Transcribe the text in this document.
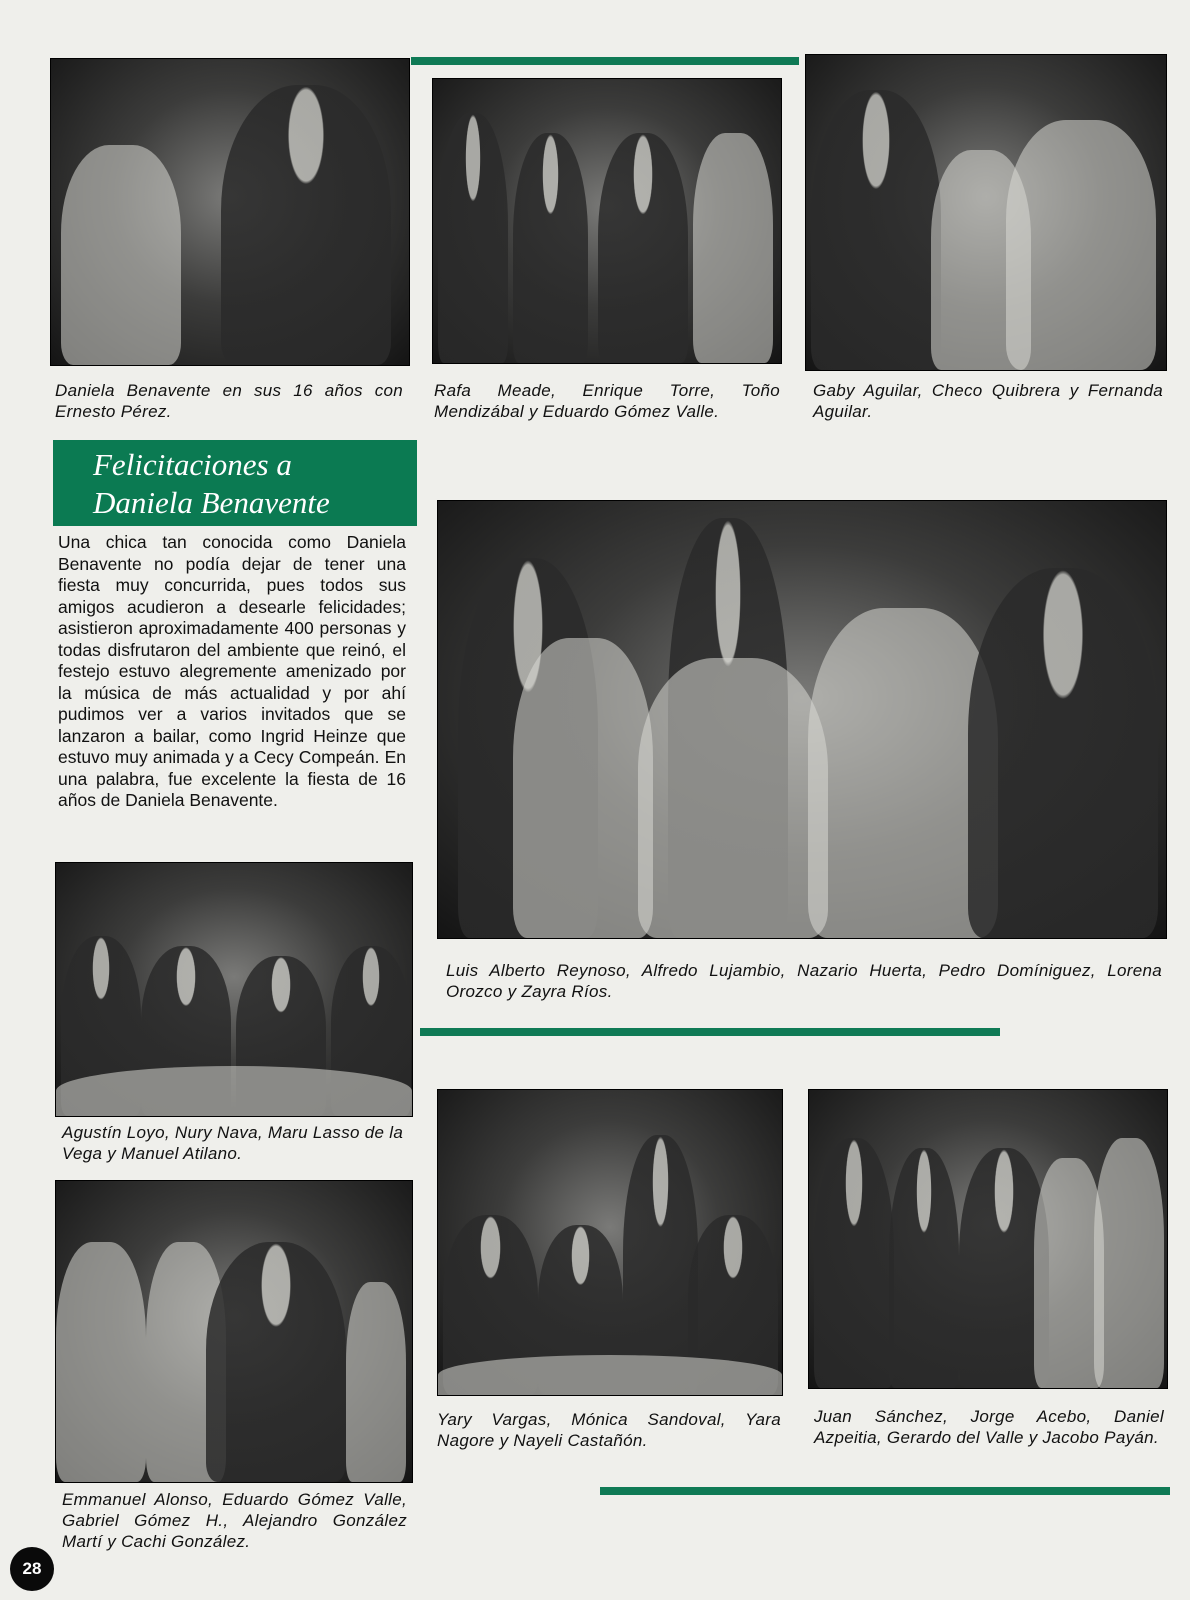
Daniela Benavente en sus 16 años con Ernesto Pérez.

Rafa Meade, Enrique Torre, Toño Mendizábal y Eduardo Gómez Valle.

Gaby Aguilar, Checo Quibrera y Fernanda Aguilar.

Felicitaciones a
Daniela Benavente

Una chica tan conocida como Daniela Benavente no podía dejar de tener una fiesta muy concurrida, pues todos sus amigos acudieron a desearle felicidades; asistieron aproximadamente 400 personas y todas disfrutaron del ambiente que reinó, el festejo estuvo alegremente amenizado por la música de más actualidad y por ahí pudimos ver a varios invitados que se lanzaron a bailar, como Ingrid Heinze que estuvo muy animada y a Cecy Compeán. En una palabra, fue excelente la fiesta de 16 años de Daniela Benavente.

Luis Alberto Reynoso, Alfredo Lujambio, Nazario Huerta, Pedro Domíniguez, Lorena Orozco y Zayra Ríos.

Agustín Loyo, Nury Nava, Maru Lasso de la Vega y Manuel Atilano.

Emmanuel Alonso, Eduardo Gómez Valle, Gabriel Gómez H., Alejandro González Martí y Cachi González.

Yary Vargas, Mónica Sandoval, Yara Nagore y Nayeli Castañón.

Juan Sánchez, Jorge Acebo, Daniel Azpeitia, Gerardo del Valle y Jacobo Payán.

28
